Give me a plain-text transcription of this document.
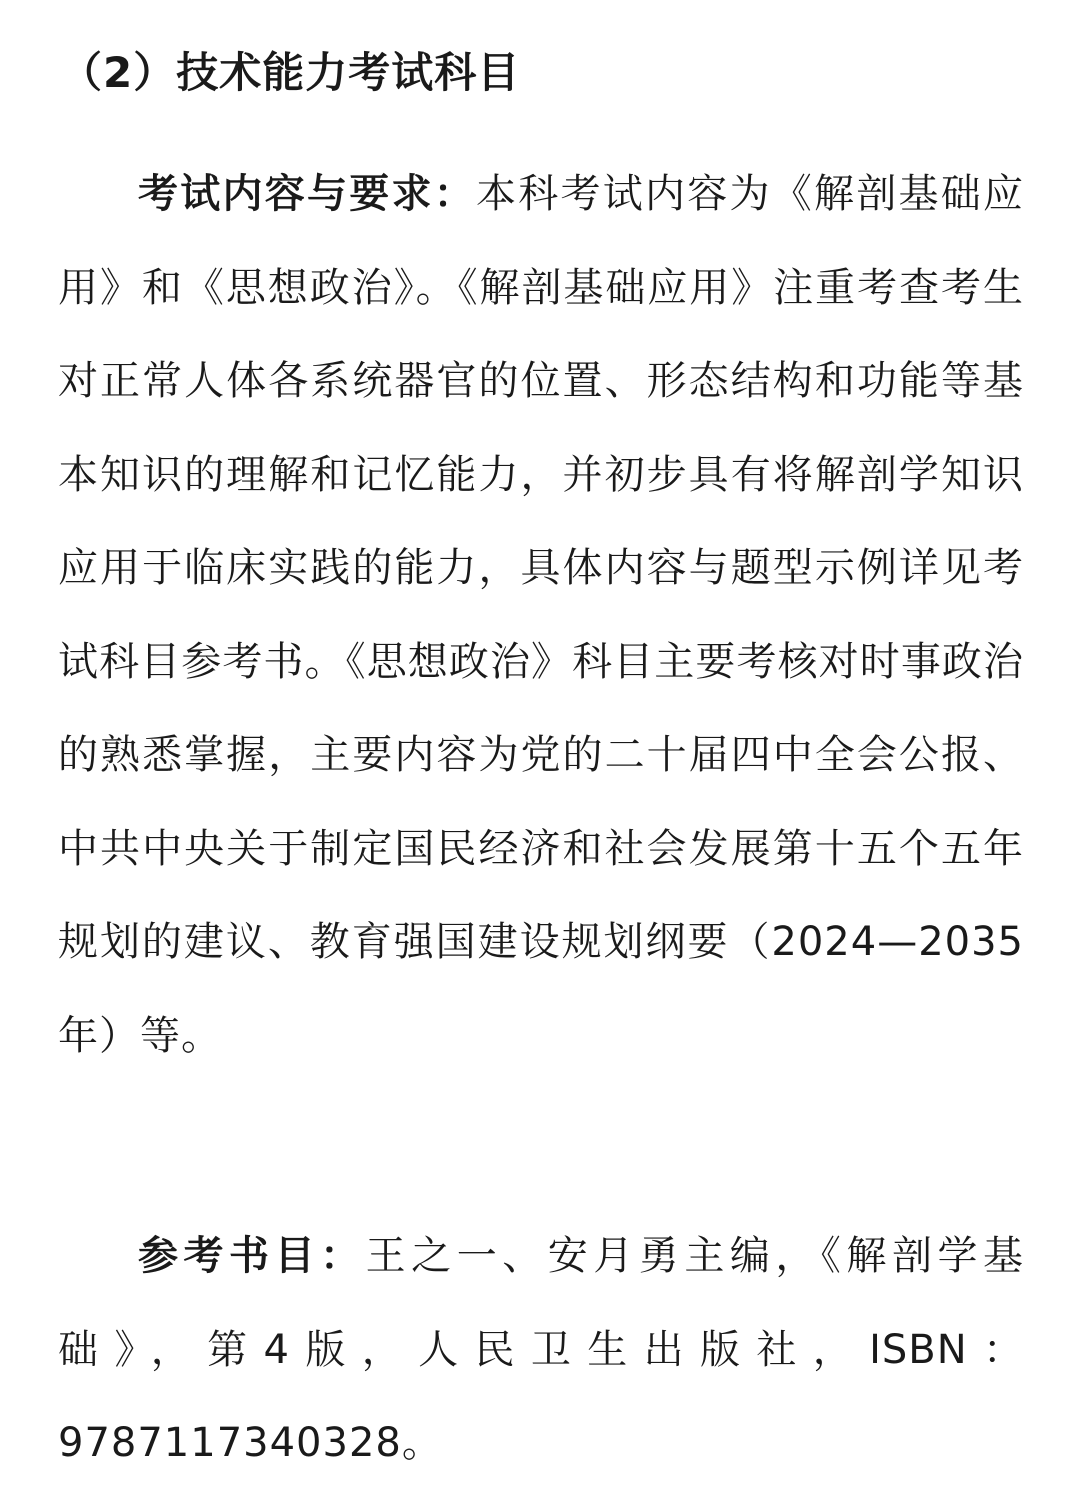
（2）技术能力考试科目

考试内容与要求：本科考试内容为《解剖基础应用》和《思想政治》。《解剖基础应用》注重考查考生对正常人体各系统器官的位置、形态结构和功能等基本知识的理解和记忆能力，并初步具有将解剖学知识应用于临床实践的能力，具体内容与题型示例详见考试科目参考书。《思想政治》科目主要考核对时事政治的熟悉掌握，主要内容为党的二十届四中全会公报、中共中央关于制定国民经济和社会发展第十五个五年规划的建议、教育强国建设规划纲要（2024—2035年）等。

参考书目：王之一、安月勇主编，《解剖学基础》，第4版，人民卫生出版社，ISBN：9787117340328。
